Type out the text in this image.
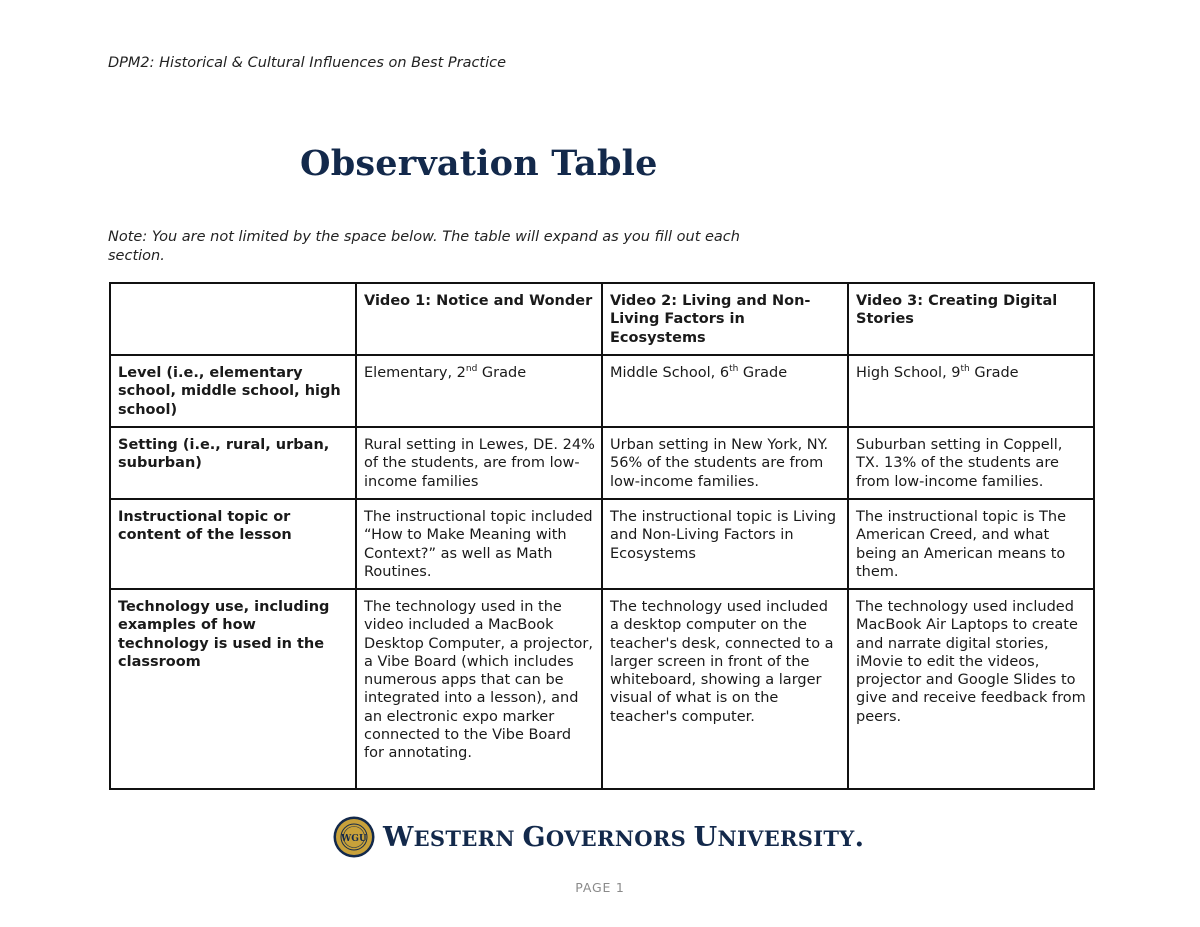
DPM2: Historical & Cultural Influences on Best Practice
Observation Table
Note: You are not limited by the space below. The table will expand as you fill out each
section.
	Video 1: Notice and Wonder	Video 2: Living and Non-Living Factors in Ecosystems	Video 3: Creating Digital Stories
Level (i.e., elementary school, middle school, high school)	Elementary, 2nd Grade	Middle School, 6th Grade	High School, 9th Grade
Setting (i.e., rural, urban, suburban)	Rural setting in Lewes, DE. 24% of the students, are from low-income families	Urban setting in New York, NY. 56% of the students are from low-income families.	Suburban setting in Coppell, TX. 13% of the students are from low-income families.
Instructional topic or content of the lesson	The instructional topic included “How to Make Meaning with Context?” as well as Math Routines.	The instructional topic is Living and Non-Living Factors in Ecosystems	The instructional topic is The American Creed, and what being an American means to them.
Technology use, including examples of how technology is used in the classroom	The technology used in the video included a MacBook Desktop Computer, a projector, a Vibe Board (which includes numerous apps that can be integrated into a lesson), and an electronic expo marker connected to the Vibe Board for annotating.	The technology used included a desktop computer on the teacher's desk, connected to a larger screen in front of the whiteboard, showing a larger visual of what is on the teacher's computer.	The technology used included MacBook Air Laptops to create and narrate digital stories, iMovie to edit the videos, projector and Google Slides to give and receive feedback from peers.
WGU WESTERN GOVERNORS UNIVERSITY.
PAGE 1
